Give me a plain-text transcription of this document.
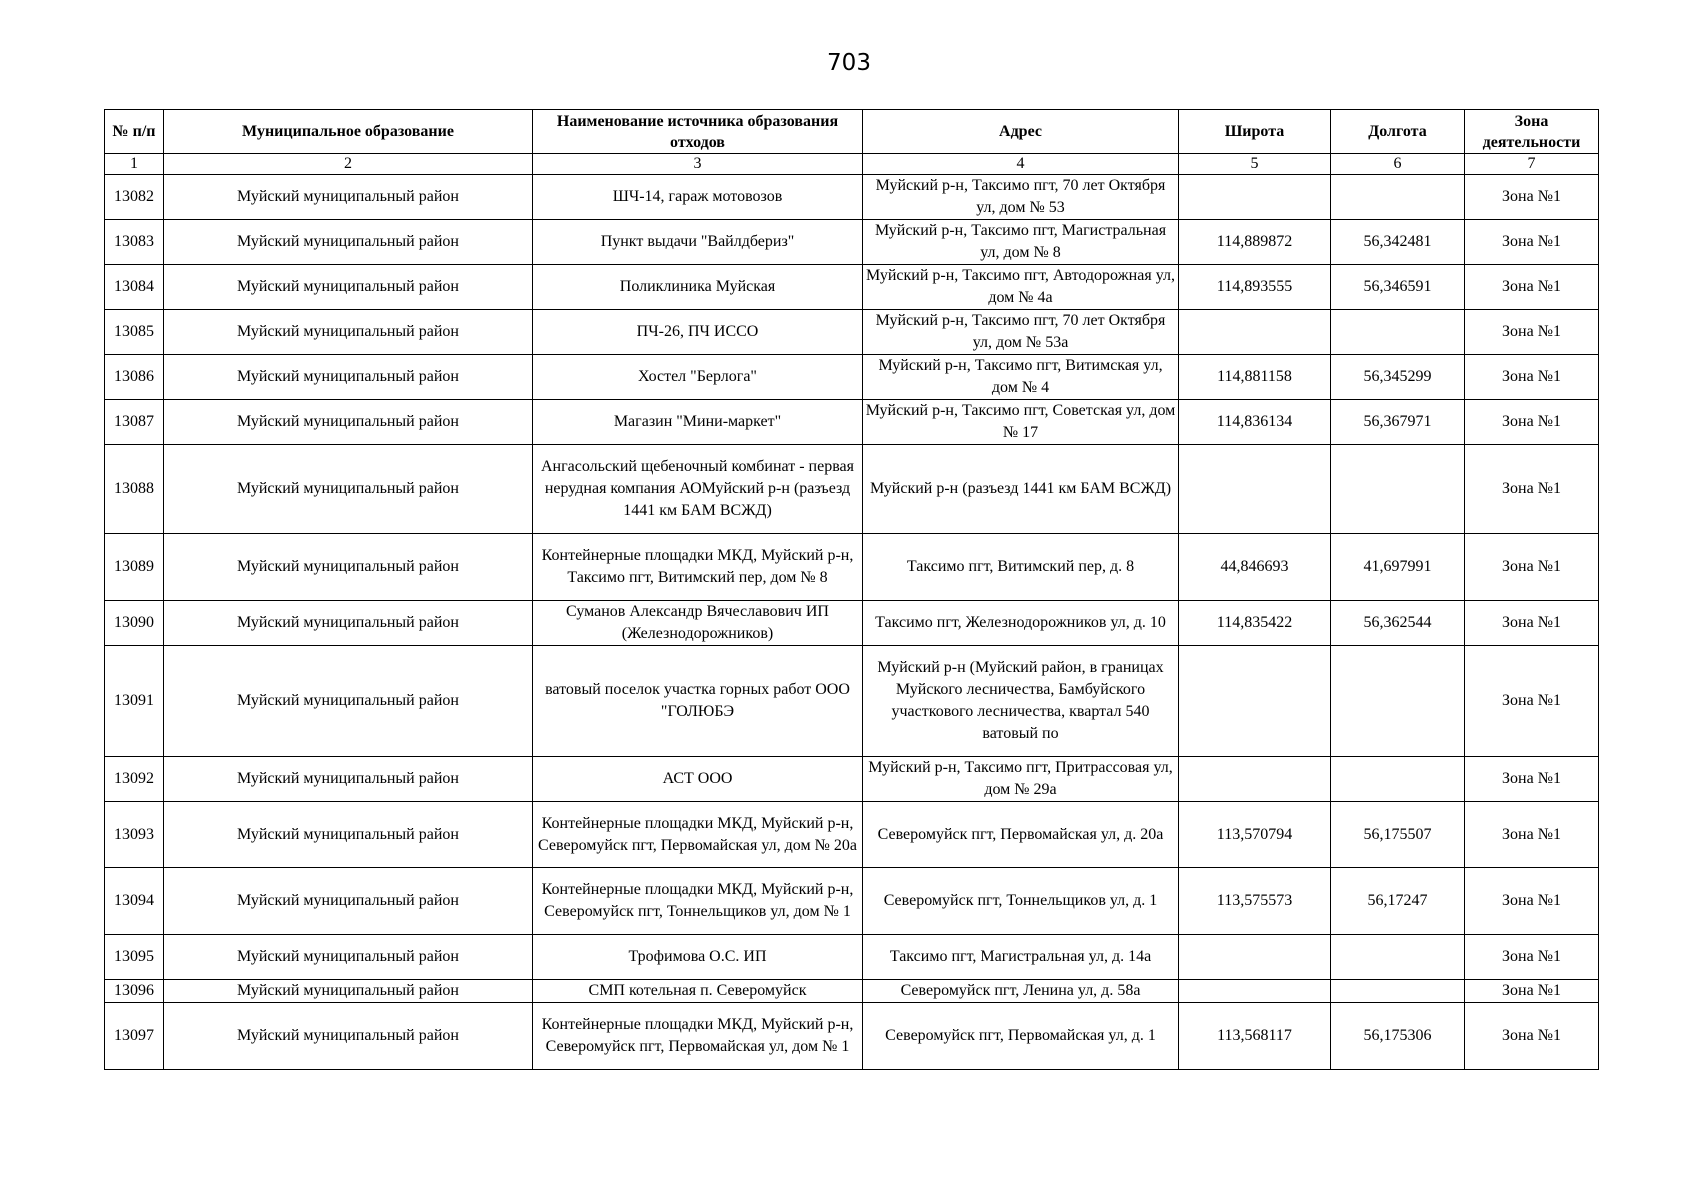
703
№ п/п	Муниципальное образование	Наименование источника образования отходов	Адрес	Широта	Долгота	Зона деятельности
1	2	3	4	5	6	7
13082	Муйский муниципальный район	ШЧ-14, гараж мотовозов	Муйский р-н, Таксимо пгт, 70 лет Октября ул, дом № 53			Зона №1
13083	Муйский муниципальный район	Пункт выдачи "Вайлдбериз"	Муйский р-н, Таксимо пгт, Магистральная ул, дом № 8	114,889872	56,342481	Зона №1
13084	Муйский муниципальный район	Поликлиника Муйская	Муйский р-н, Таксимо пгт, Автодорожная ул, дом № 4а	114,893555	56,346591	Зона №1
13085	Муйский муниципальный район	ПЧ-26, ПЧ ИССО	Муйский р-н, Таксимо пгт, 70 лет Октября ул, дом № 53а			Зона №1
13086	Муйский муниципальный район	Хостел "Берлога"	Муйский р-н, Таксимо пгт, Витимская ул, дом № 4	114,881158	56,345299	Зона №1
13087	Муйский муниципальный район	Магазин "Мини-маркет"	Муйский р-н, Таксимо пгт, Советская ул, дом № 17	114,836134	56,367971	Зона №1
13088	Муйский муниципальный район	Ангасольский щебеночный комбинат - первая нерудная компания АОМуйский р-н (разъезд 1441 км БАМ ВСЖД)	Муйский р-н (разъезд 1441 км БАМ ВСЖД)			Зона №1
13089	Муйский муниципальный район	Контейнерные площадки МКД, Муйский р-н, Таксимо пгт, Витимский пер, дом № 8	Таксимо пгт, Витимский пер, д. 8	44,846693	41,697991	Зона №1
13090	Муйский муниципальный район	Суманов Александр Вячеславович ИП (Железнодорожников)	Таксимо пгт, Железнодорожников ул, д. 10	114,835422	56,362544	Зона №1
13091	Муйский муниципальный район	ватовый поселок участка горных работ ООО "ГОЛЮБЭ	Муйский р-н (Муйский район, в границах Муйского лесничества, Бамбуйского участкового лесничества, квартал 540 ватовый по			Зона №1
13092	Муйский муниципальный район	АСТ ООО	Муйский р-н, Таксимо пгт, Притрассовая ул, дом № 29а			Зона №1
13093	Муйский муниципальный район	Контейнерные площадки МКД, Муйский р-н, Северомуйск пгт, Первомайская ул, дом № 20а	Северомуйск пгт, Первомайская ул, д. 20а	113,570794	56,175507	Зона №1
13094	Муйский муниципальный район	Контейнерные площадки МКД, Муйский р-н, Северомуйск пгт, Тоннельщиков ул, дом № 1	Северомуйск пгт, Тоннельщиков ул, д. 1	113,575573	56,17247	Зона №1
13095	Муйский муниципальный район	Трофимова О.С. ИП	Таксимо пгт, Магистральная ул, д. 14а			Зона №1
13096	Муйский муниципальный район	СМП котельная п. Северомуйск	Северомуйск пгт, Ленина ул, д. 58а			Зона №1
13097	Муйский муниципальный район	Контейнерные площадки МКД, Муйский р-н, Северомуйск пгт, Первомайская ул, дом № 1	Северомуйск пгт, Первомайская ул, д. 1	113,568117	56,175306	Зона №1
